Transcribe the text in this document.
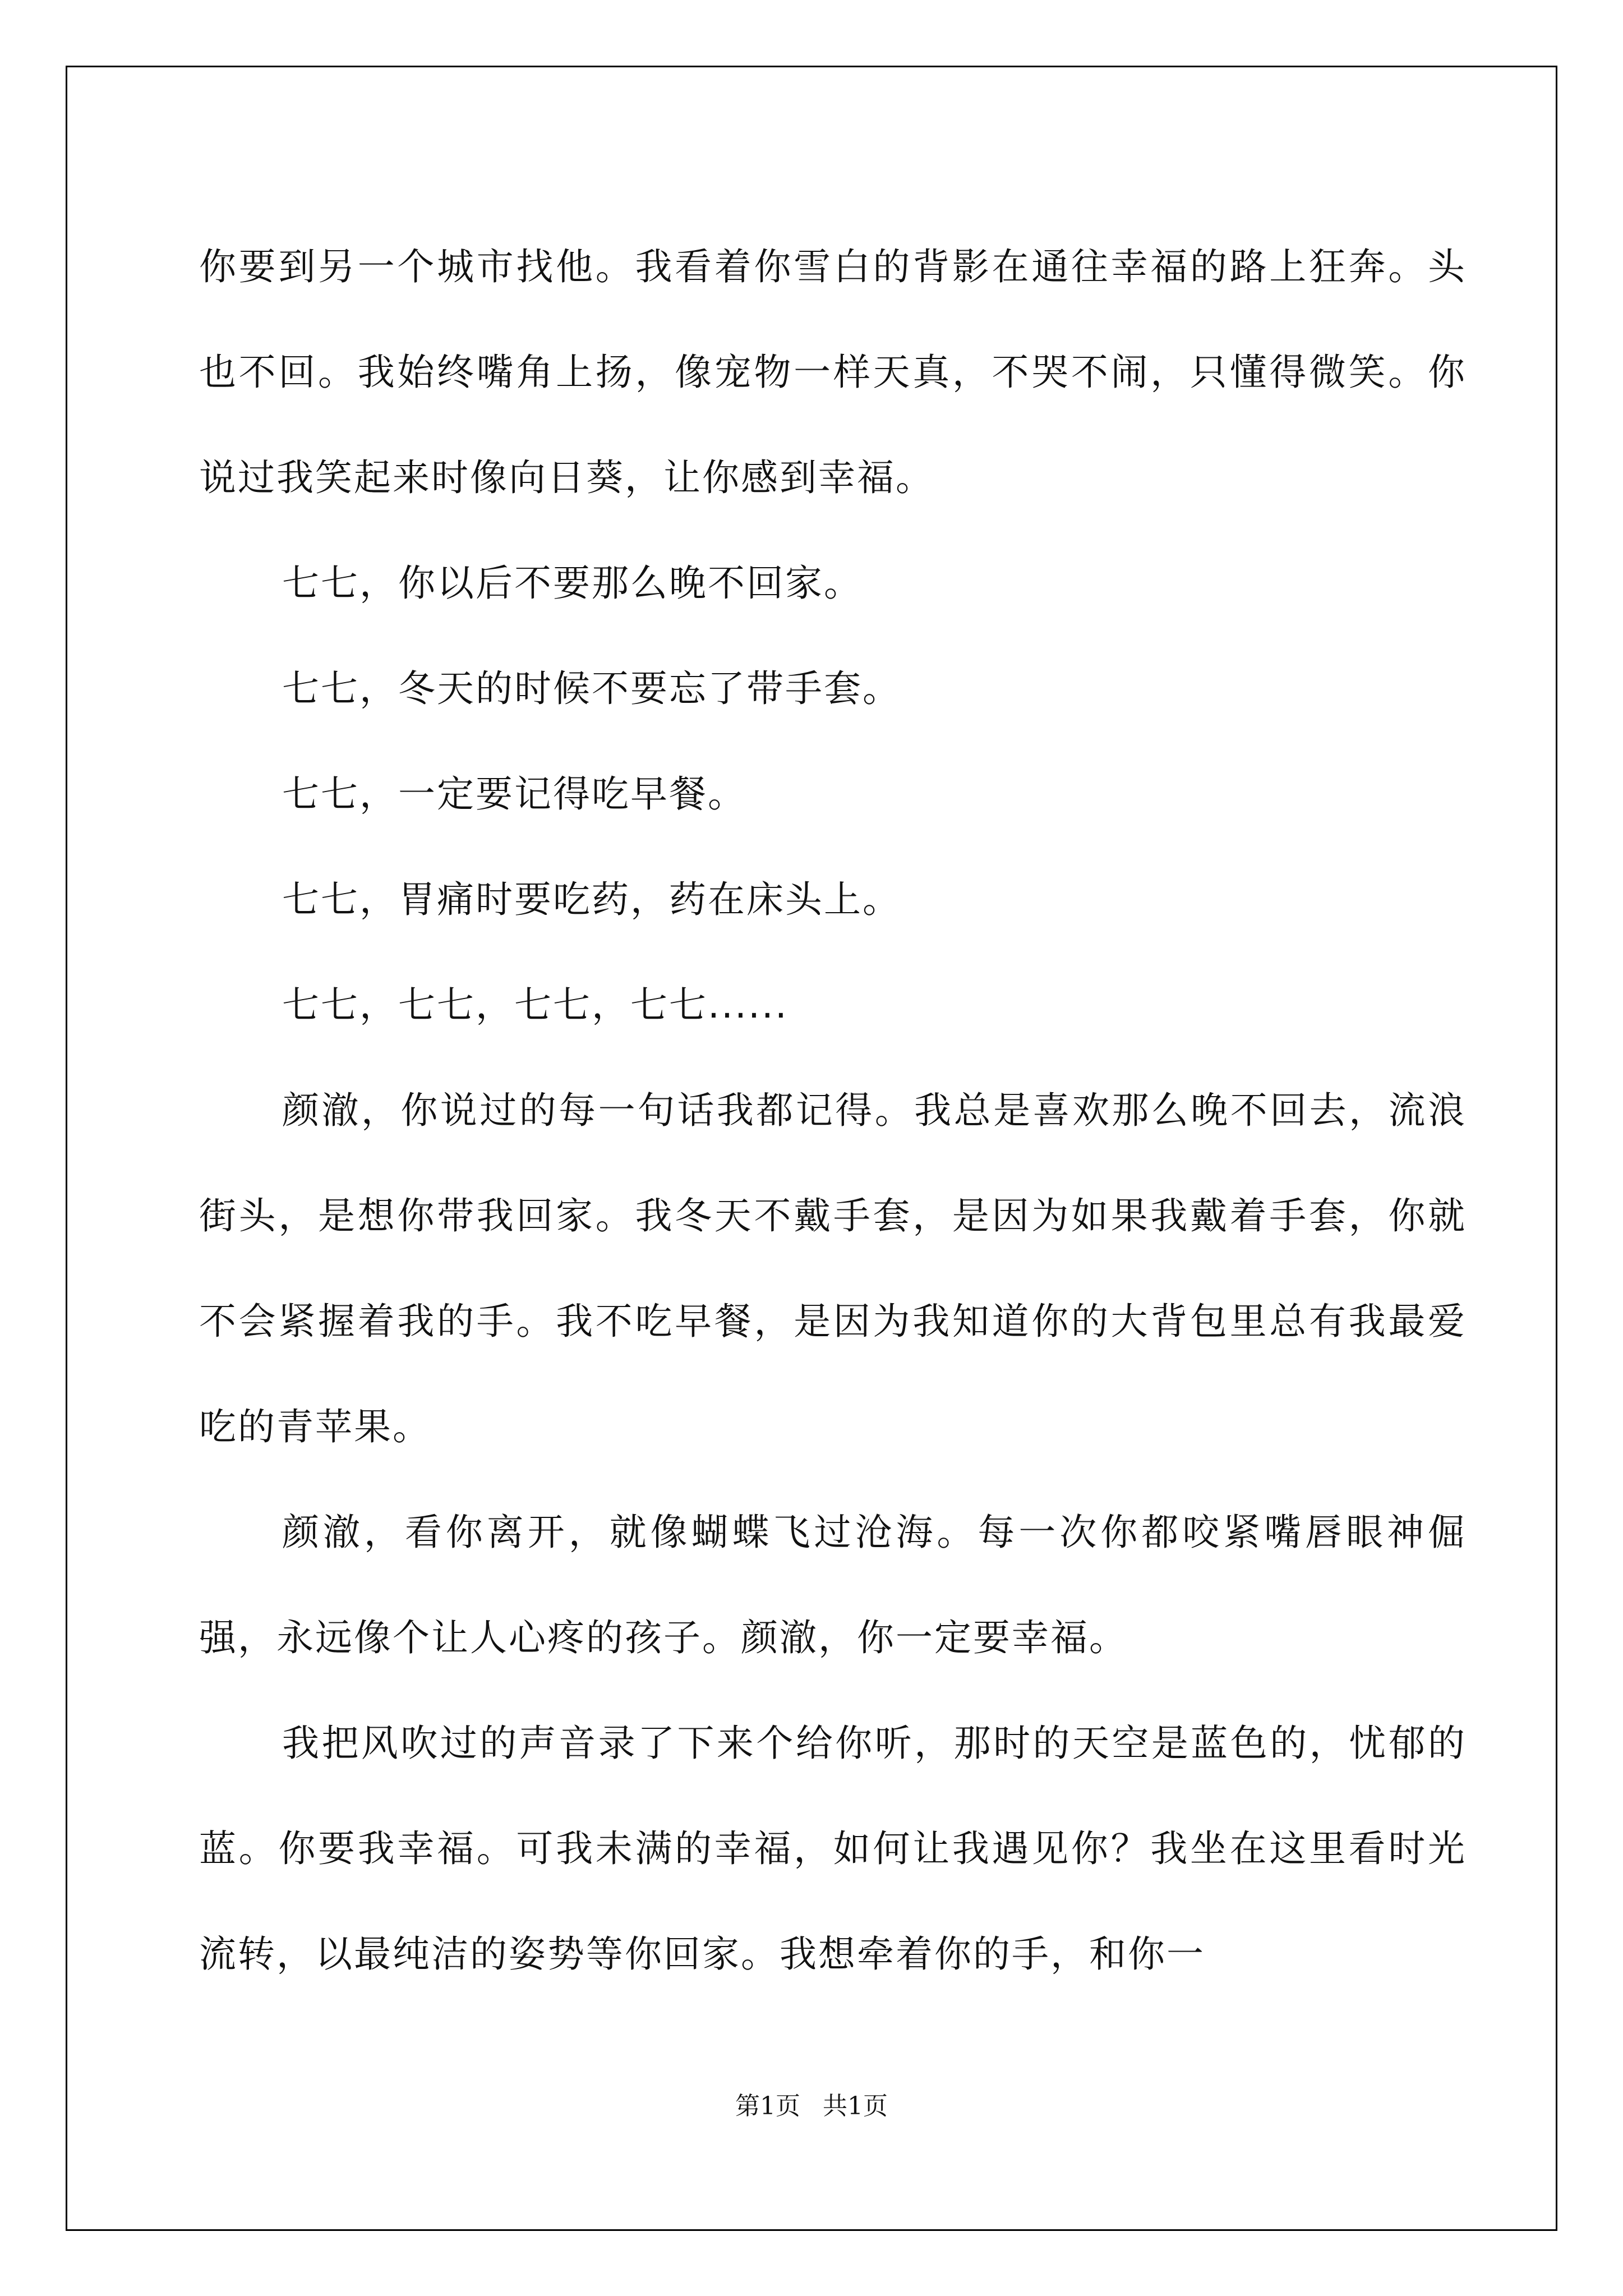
你要到另一个城市找他。我看着你雪白的背影在通往幸福的路上狂奔。头也不回。我始终嘴角上扬，像宠物一样天真，不哭不闹，只懂得微笑。你说过我笑起来时像向日葵，让你感到幸福。

七七，你以后不要那么晚不回家。

七七，冬天的时候不要忘了带手套。

七七，一定要记得吃早餐。

七七，胃痛时要吃药，药在床头上。

七七，七七，七七，七七......

颜澈，你说过的每一句话我都记得。我总是喜欢那么晚不回去，流浪街头，是想你带我回家。我冬天不戴手套，是因为如果我戴着手套，你就不会紧握着我的手。我不吃早餐，是因为我知道你的大背包里总有我最爱吃的青苹果。

颜澈，看你离开，就像蝴蝶飞过沧海。每一次你都咬紧嘴唇眼神倔强，永远像个让人心疼的孩子。颜澈，你一定要幸福。

我把风吹过的声音录了下来个给你听，那时的天空是蓝色的，忧郁的蓝。你要我幸福。可我未满的幸福，如何让我遇见你？我坐在这里看时光流转，以最纯洁的姿势等你回家。我想牵着你的手，和你一

第1页 共1页
